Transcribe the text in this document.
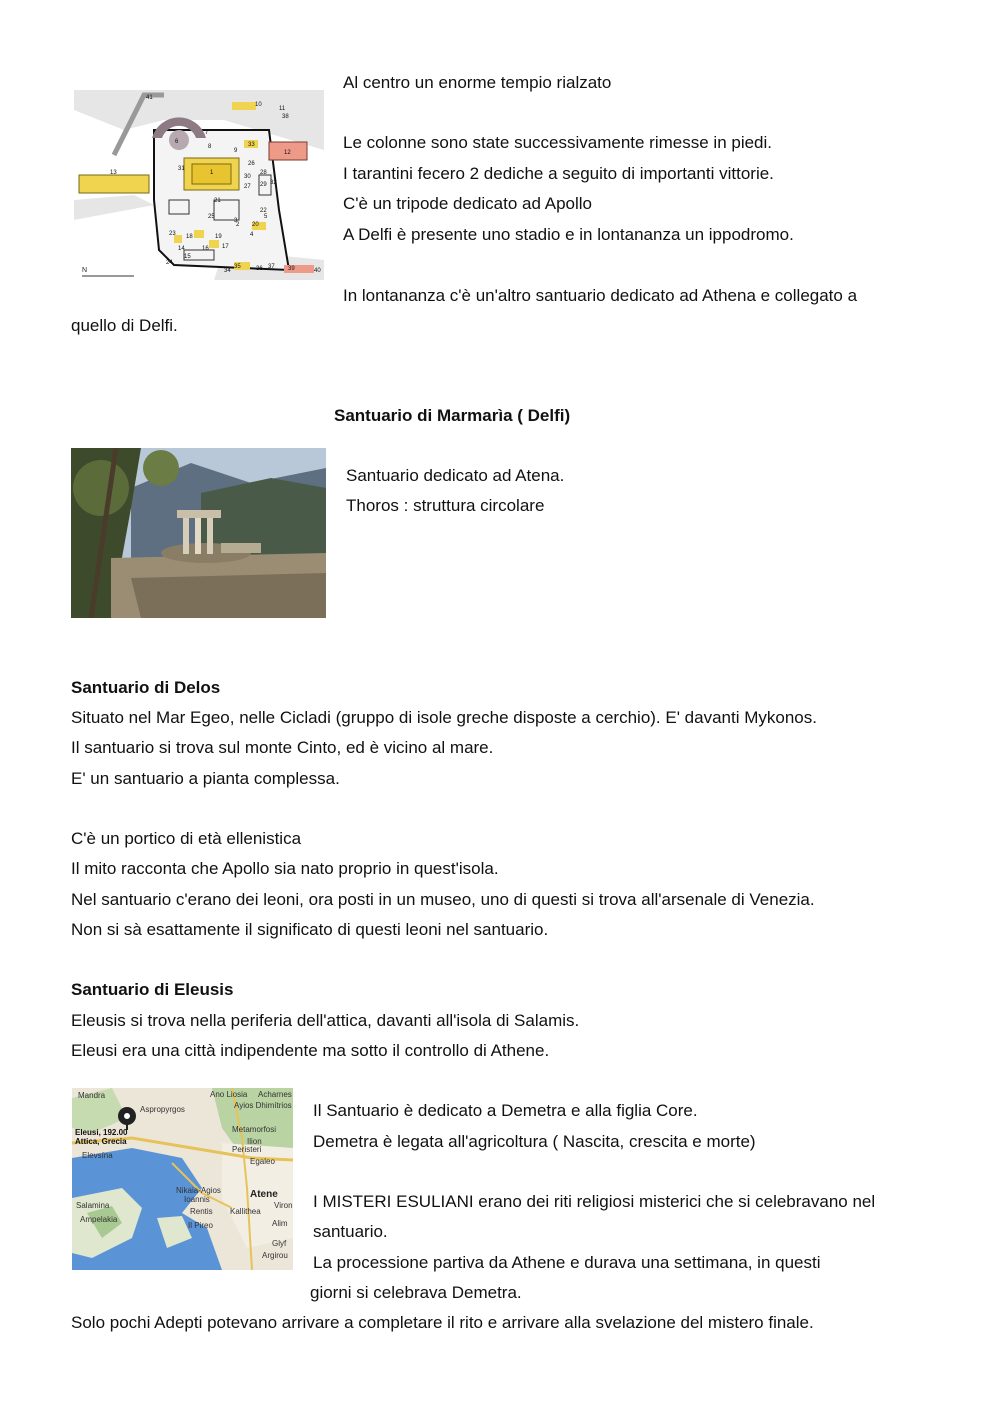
N
41
10
38
6
7
31
33
12
26
13
30
27
28
32
29
21
25
20
22
5
23 18	19
2
16 17
24
15
14
35
34	36 37 39	40
1
11
9
8
3
4
Al centro un enorme tempio rialzato
Le colonne sono state successivamente rimesse in piedi.
I tarantini fecero 2 dediche a seguito di importanti vittorie.
C'è un tripode dedicato ad Apollo
A Delfi è presente uno stadio e in lontananza un ippodromo.
In lontananza c'è un'altro santuario dedicato ad Athena e collegato a
quello di Delfi.
Santuario di Marmarìa ( Delfi)
Santuario dedicato ad Atena.
Thoros : struttura circolare
Santuario di Delos
Situato nel Mar Egeo, nelle Cicladi (gruppo di isole greche disposte a cerchio). E' davanti Mykonos.
Il santuario si trova sul monte Cinto, ed è vicino al mare.
E' un santuario a pianta complessa.
C'è un portico di età ellenistica
Il mito racconta che Apollo sia nato proprio in quest'isola.
Nel santuario c'erano dei leoni, ora posti in un museo, uno di questi si trova all'arsenale di Venezia.
Non si sà esattamente il significato di questi leoni nel santuario.
Santuario di Eleusis
Eleusis si trova nella periferia dell'attica, davanti all'isola di Salamis.
Eleusi era una città indipendente ma sotto il controllo di Athene.
Mandra	Ano Liosia Acharnes
Aspropyrgos	Ayios Dhimítrios
Eleusi, 192.00
Attica, Grecia
Metamorfosi
Ilion
Egaleo
Peristeri
Elevsína
Nikaia-Agios
Ioannis
Rentis
Atene
Kallithea
Salamina
Il Pireo
Viron
Ampelakia	Alim
Argirou
Glyf
Il Santuario è dedicato a Demetra e alla figlia Core.
Demetra è legata all'agricoltura ( Nascita, crescita e morte)
I MISTERI ESULIANI erano dei riti religiosi misterici che si celebravano nel
santuario.
La processione partiva da Athene e durava una settimana, in questi
giorni si celebrava Demetra.
Solo pochi Adepti potevano arrivare a completare il rito e arrivare alla svelazione del mistero finale.
